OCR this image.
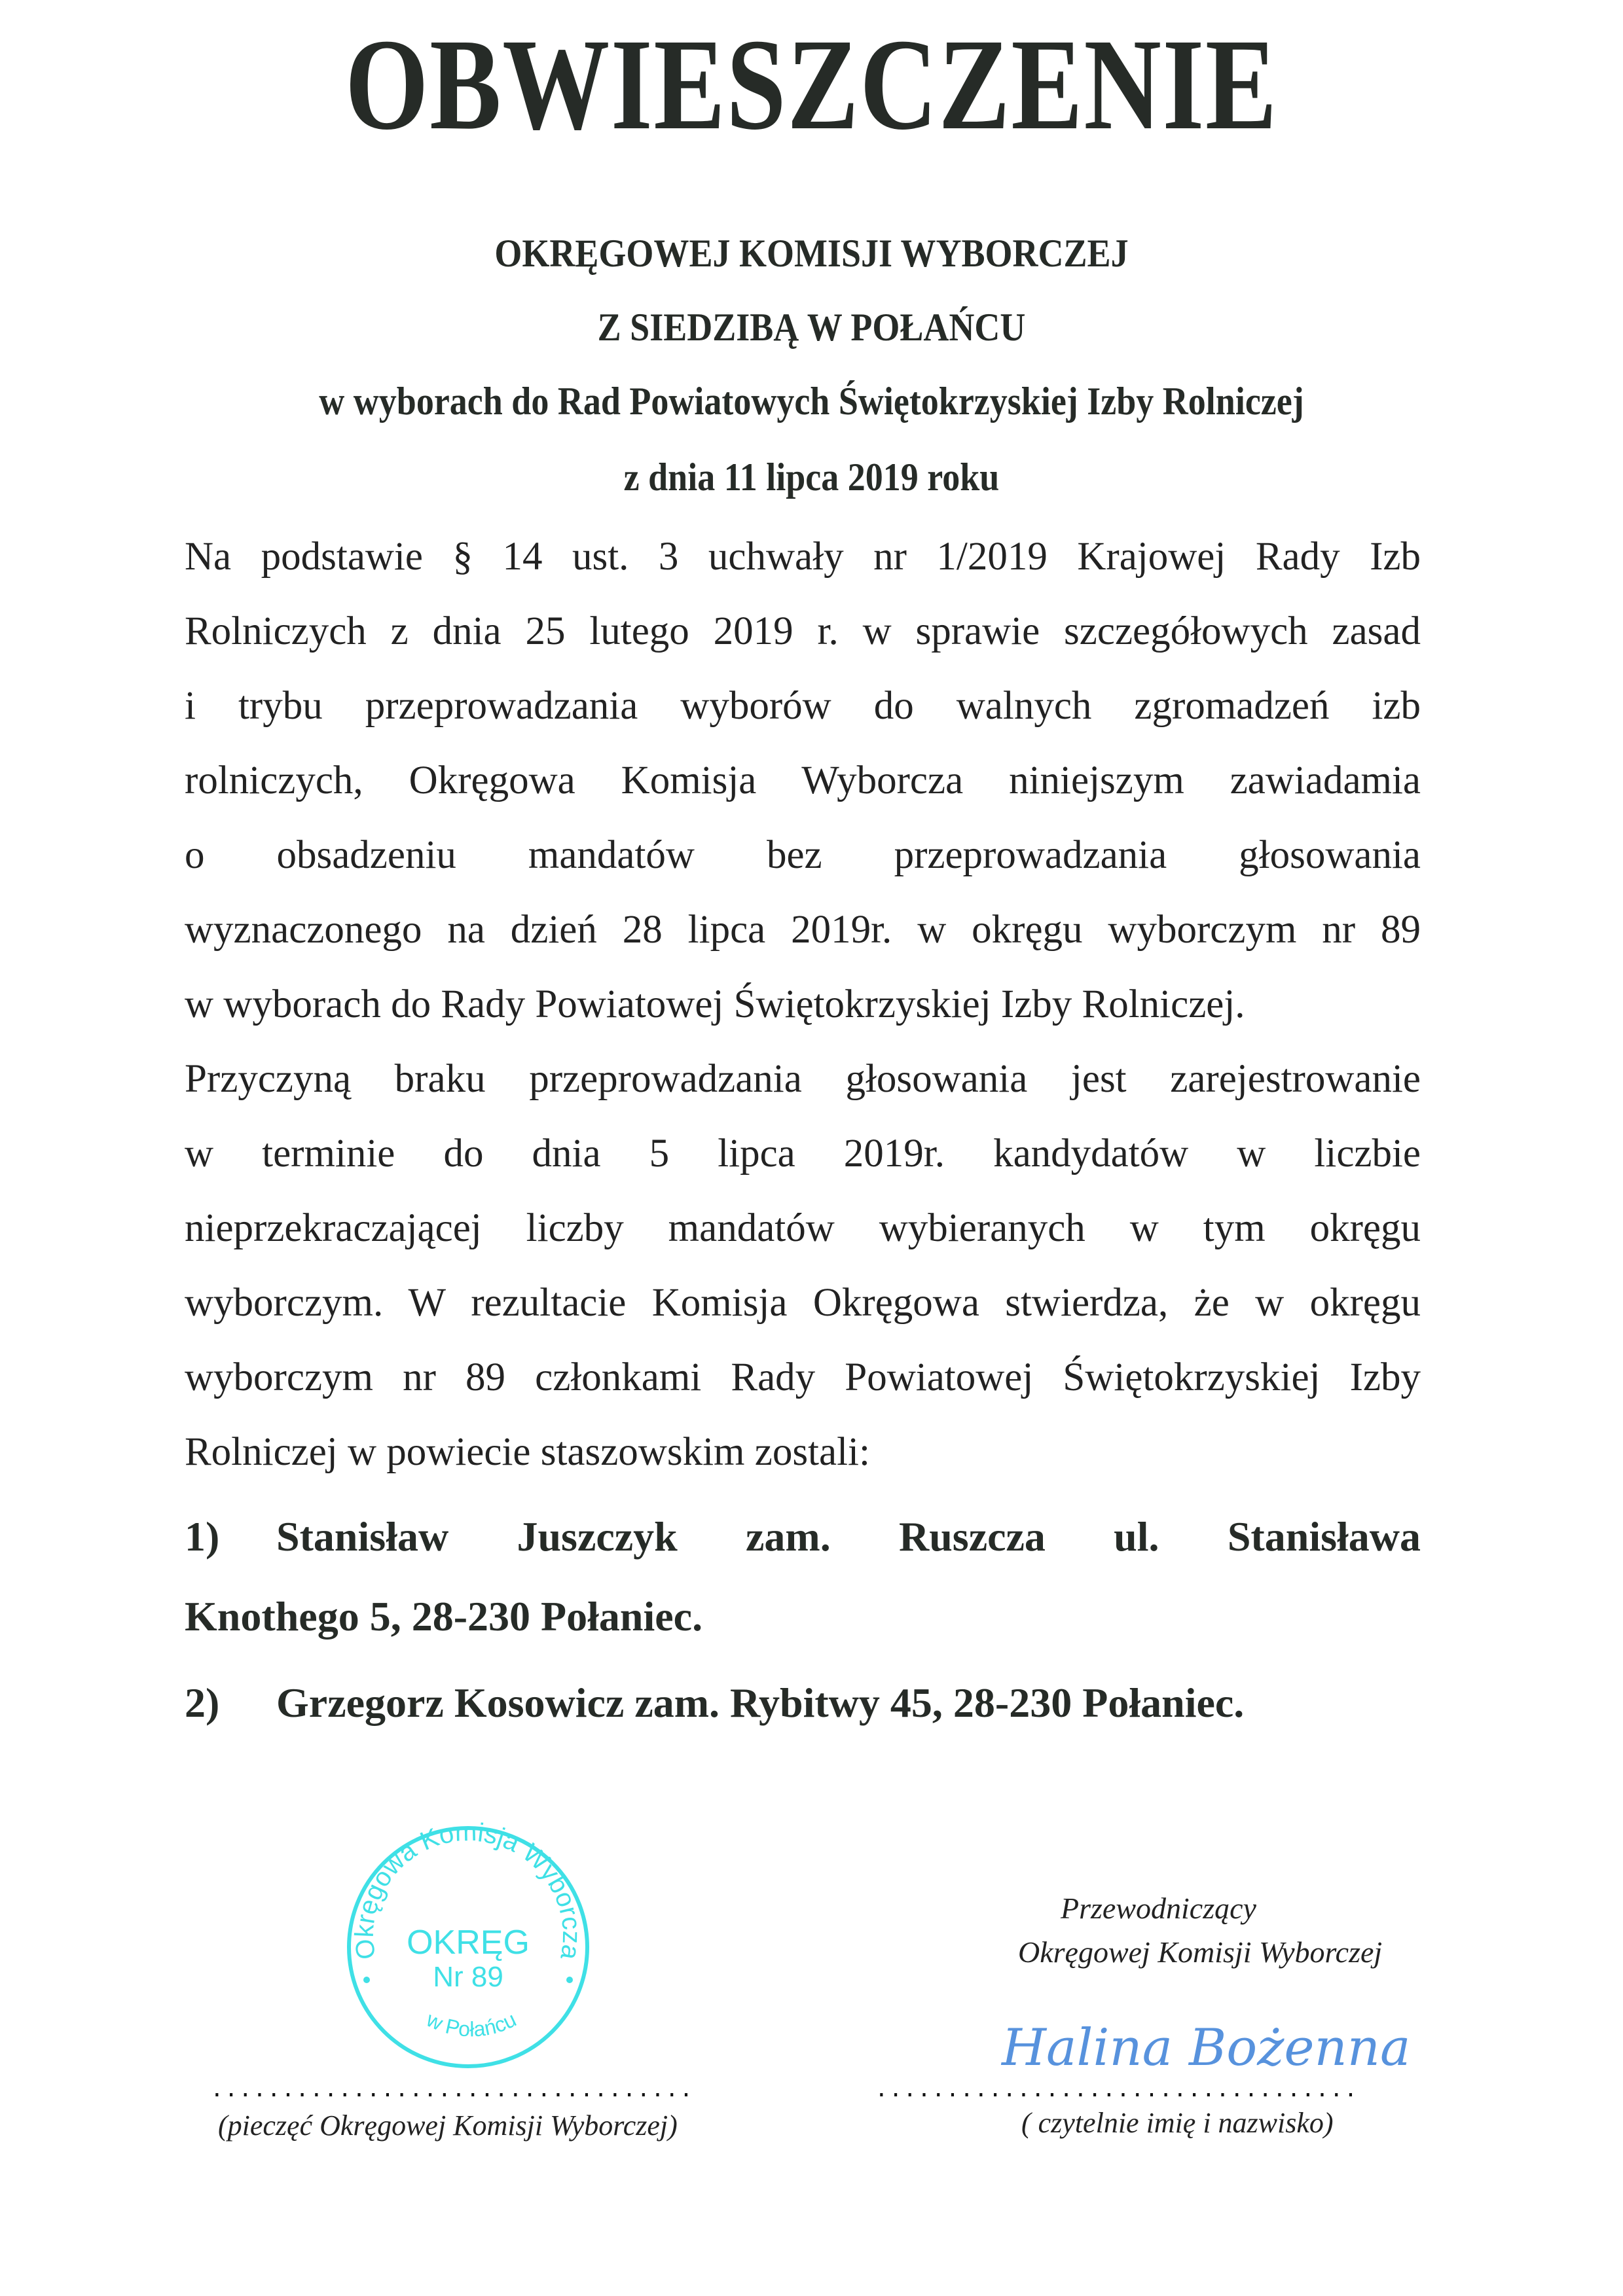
OBWIESZCZENIE
OKRĘGOWEJ KOMISJI WYBORCZEJ
Z SIEDZIBĄ W POŁAŃCU
w wyborach do Rad Powiatowych Świętokrzyskiej Izby Rolniczej
z dnia 11 lipca 2019 roku
Na podstawie § 14 ust. 3 uchwały nr 1/2019 Krajowej Rady Izb
Rolniczych z dnia 25 lutego 2019 r. w sprawie szczegółowych zasad
i trybu przeprowadzania wyborów do walnych zgromadzeń izb
rolniczych, Okręgowa Komisja Wyborcza niniejszym zawiadamia
o obsadzeniu mandatów bez przeprowadzania głosowania
wyznaczonego na dzień 28 lipca 2019r. w okręgu wyborczym nr 89
w wyborach do Rady Powiatowej Świętokrzyskiej Izby Rolniczej.
Przyczyną braku przeprowadzania głosowania jest zarejestrowanie
w terminie do dnia 5 lipca 2019r. kandydatów w liczbie
nieprzekraczającej liczby mandatów wybieranych w tym okręgu
wyborczym. W rezultacie Komisja Okręgowa stwierdza, że w okręgu
wyborczym nr 89 członkami Rady Powiatowej Świętokrzyskiej Izby
Rolniczej w powiecie staszowskim zostali:
1) Stanisław Juszczyk zam. Ruszcza ul. Stanisława
Knothego 5, 28-230 Połaniec.
2) Grzegorz Kosowicz zam. Rybitwy 45, 28-230 Połaniec.
Okręgowa Komisja Wyborcza
w Połańcu
OKRĘG
Nr 89
..................................
(pieczęć Okręgowej Komisji Wyborczej)
Przewodniczący
Okręgowej Komisji Wyborczej
Halina Bożenna
..................................
( czytelnie imię i nazwisko)
